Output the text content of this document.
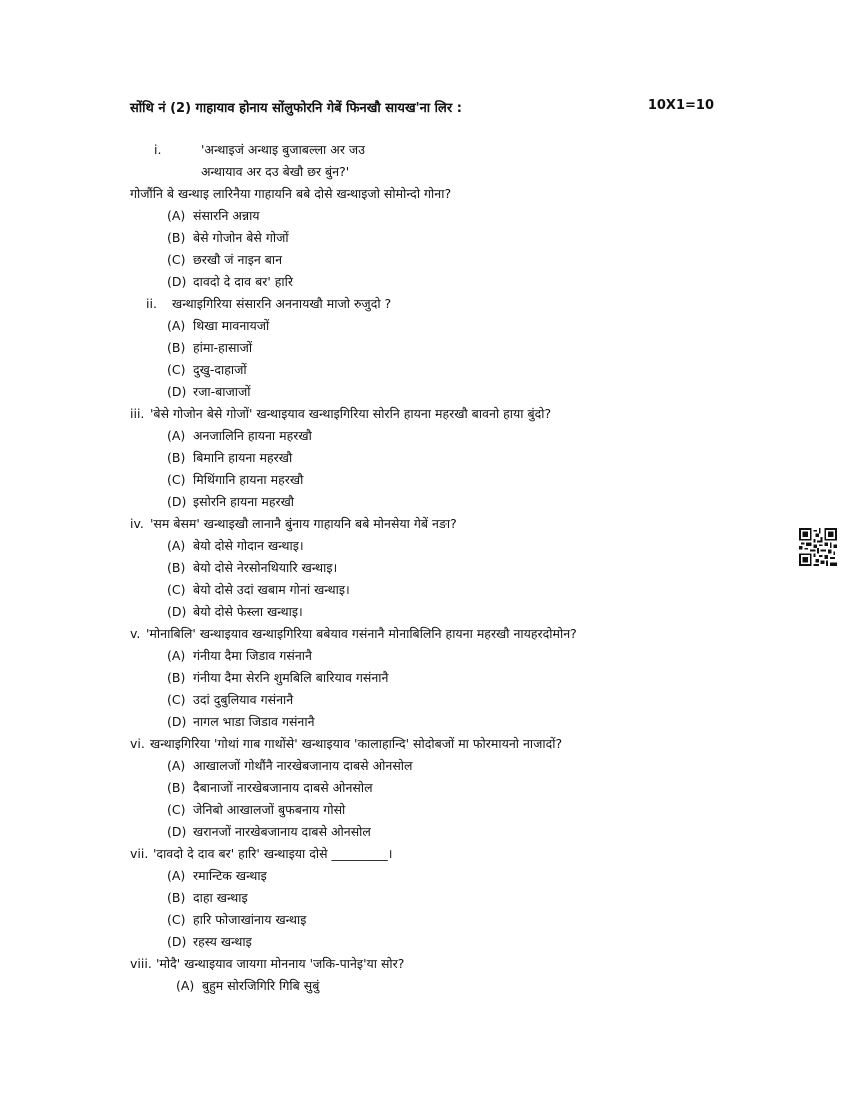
सोंथि नं (2) गाहायाव होनाय सोंलुफोरनि गेबें फिनखौ सायख'ना लिर :	10X1=10
i.	'अन्थाइजं अन्थाइ बुजाबल्ला अर जउ
अन्थायाव अर दउ बेखौ छर बुंन?'
गोजौंनि बे खन्थाइ लारिनैया गाहायनि बबे दोसे खन्थाइजो सोमोन्दो गोना?
(A) संसारनि अन्नाय
(B) बेसे गोजोन बेसे गोजों
(C) छरखौ जं नाइन बान
(D) दावदो दे दाव बर' हारि
ii. खन्थाइगिरिया संसारनि अननायखौ माजो रुजुदो ?
(A) थिखा मावनायजों
(B) हांमा-हासाजों
(C) दुखु-दाहाजों
(D) रजा-बाजाजों
iii. 'बेसे गोजोन बेसे गोजों' खन्थाइयाव खन्थाइगिरिया सोरनि हायना महरखौ बावनो हाया बुंदो?
(A) अनजालिनि हायना महरखौ
(B) बिमानि हायना महरखौ
(C) मिथिंगानि हायना महरखौ
(D) इसोरनि हायना महरखौ
iv. 'सम बेसम' खन्थाइखौ लानानै बुंनाय गाहायनि बबे मोनसेया गेबें नङा?
(A) बेयो दोसे गोदान खन्थाइ।
(B) बेयो दोसे नेरसोनथियारि खन्थाइ।
(C) बेयो दोसे उदां खबाम गोनां खन्थाइ।
(D) बेयो दोसे फेस्ला खन्थाइ।
v. 'मोनाबिलि' खन्थाइयाव खन्थाइगिरिया बबेयाव गसंनानै मोनाबिलिनि हायना महरखौ नायहरदोमोन?
(A) गंनीया दैमा जिडाव गसंनानै
(B) गंनीया दैमा सेरनि शुमबिलि बारियाव गसंनानै
(C) उदां दुबुलियाव गसंनानै
(D) नागल भाडा जिडाव गसंनानै
vi. खन्थाइगिरिया 'गोथां गाब गाथोंसे' खन्थाइयाव 'कालाहान्दि' सोदोबजों मा फोरमायनो नाजादों?
(A) आखालजों गोथौंनै नारखेबजानाय दाबसे ओनसोल
(B) दैबानाजों नारखेबजानाय दाबसे ओनसोल
(C) जेनिबो आखालजों बुफबनाय गोसो
(D) खरानजों नारखेबजानाय दाबसे ओनसोल
vii. 'दावदो दे दाव बर' हारि' खन्थाइया दोसे _________।
(A) रमान्टिक खन्थाइ
(B) दाहा खन्थाइ
(C) हारि फोजाखांनाय खन्थाइ
(D) रहस्य खन्थाइ
viii. 'मोदै' खन्थाइयाव जायगा मोननाय 'जकि-पानेइ'या सोर?
(A) बुहुम सोरजिगिरि गिबि सुबुं
